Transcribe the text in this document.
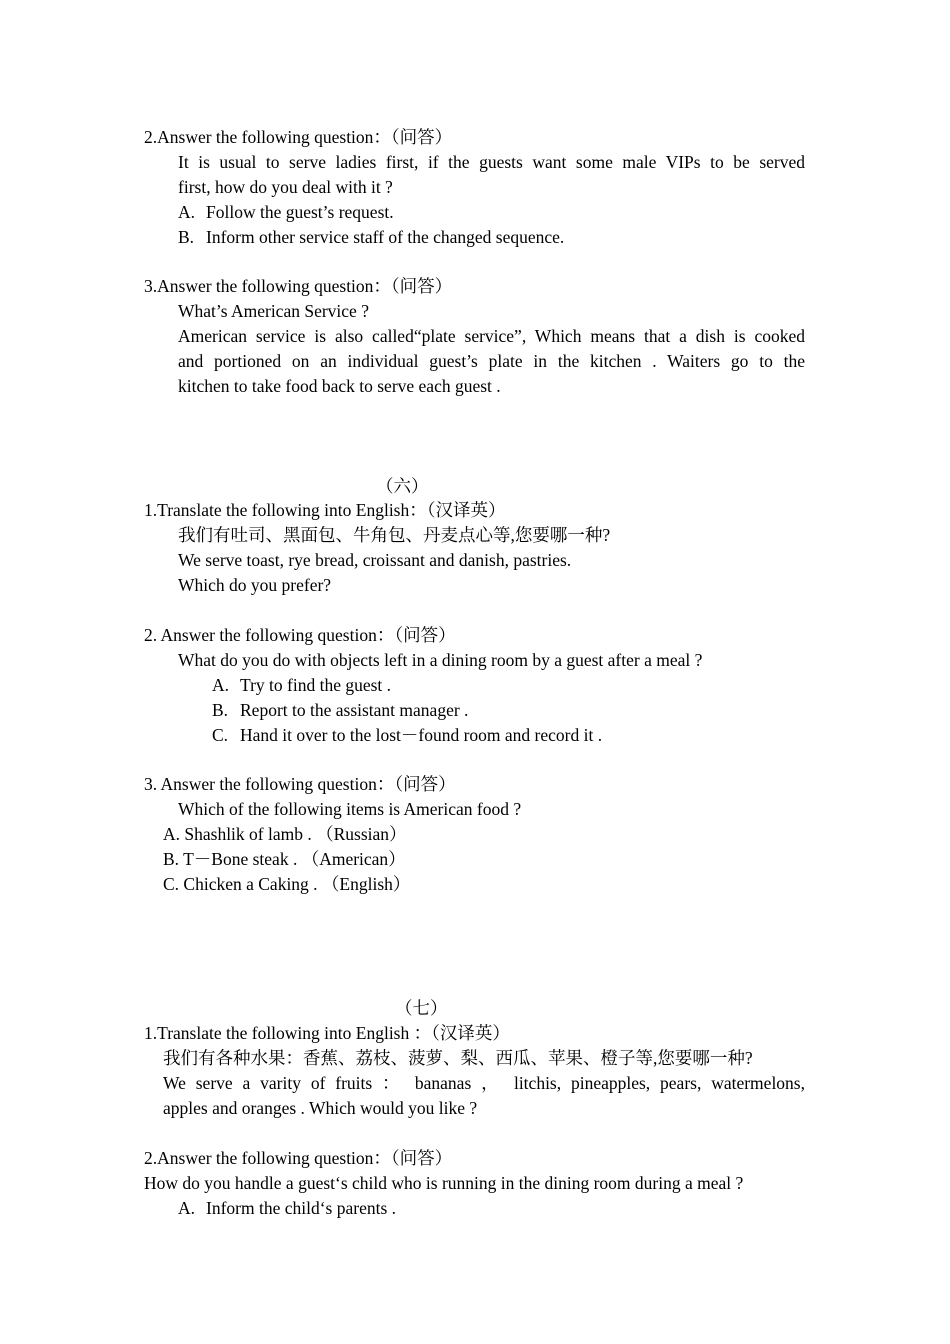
2.Answer the following question：（问答）
It is usual to serve ladies first, if the guests want some male VIPs to be served
first, how do you deal with it ?
A. Follow the guest’s request.
B. Inform other service staff of the changed sequence.
3.Answer the following question：（问答）
What’s American Service ?
American service is also called“plate service”, Which means that a dish is cooked
and portioned on an individual guest’s plate in the kitchen . Waiters go to the
kitchen to take food back to serve each guest .
（六）
1.Translate the following into English：（汉译英）
我们有吐司、黑面包、牛角包、丹麦点心等,您要哪一种?
We serve toast, rye bread, croissant and danish, pastries.
Which do you prefer?
2. Answer the following question：（问答）
What do you do with objects left in a dining room by a guest after a meal ?
A. Try to find the guest .
B. Report to the assistant manager .
C. Hand it over to the lost－found room and record it .
3. Answer the following question：（问答）
Which of the following items is American food ?
A. Shashlik of lamb . （Russian）
B. T－Bone steak . （American）
C. Chicken a Caking . （English）
（七）
1.Translate the following into English ：（汉译英）
我们有各种水果：香蕉、荔枝、菠萝、梨、西瓜、苹果、橙子等,您要哪一种?
We serve a varity of fruits ： bananas ， litchis, pineapples, pears, watermelons,
apples and oranges . Which would you like ?
2.Answer the following question：（问答）
How do you handle a guest‘s child who is running in the dining room during a meal ?
A. Inform the child‘s parents .
